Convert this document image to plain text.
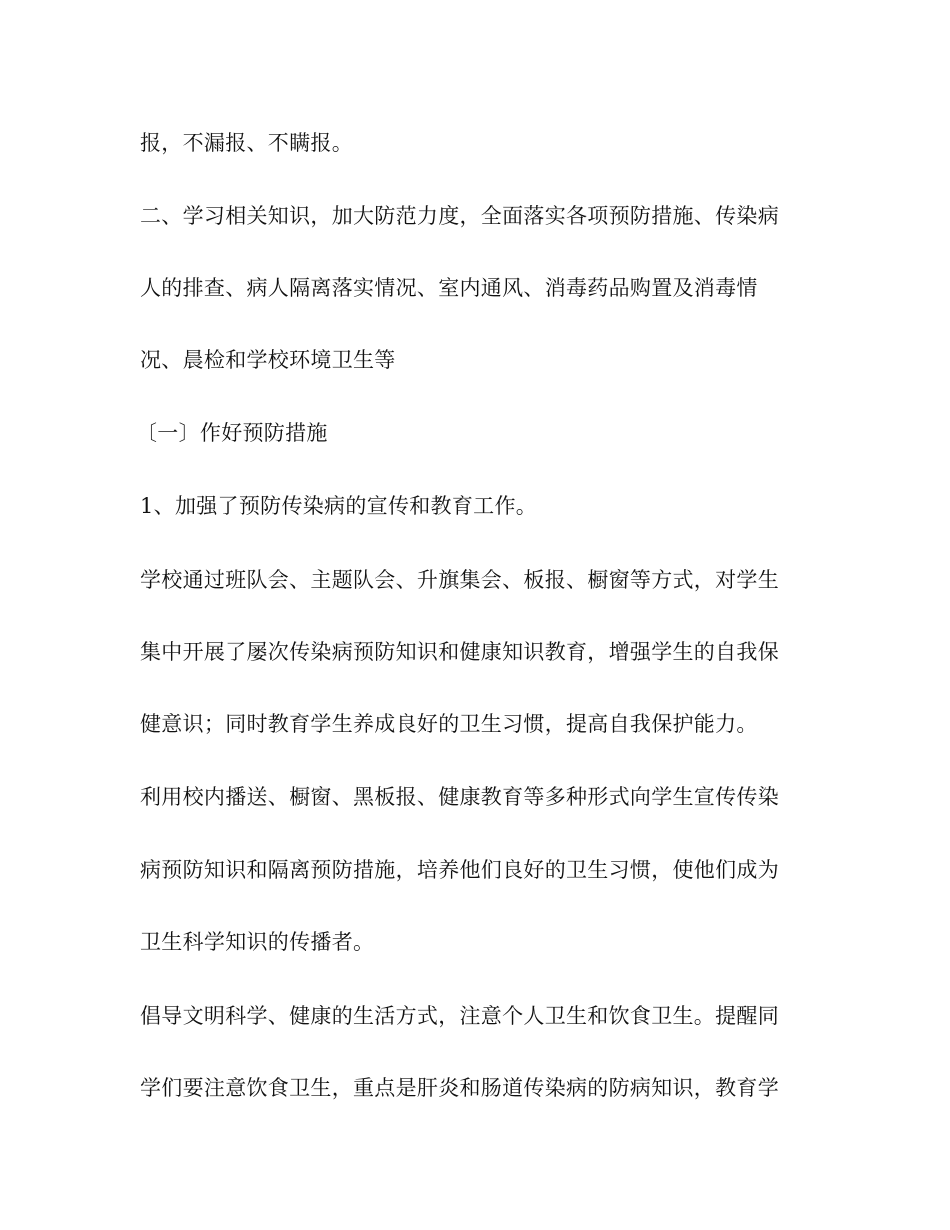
报，不漏报、不瞒报。
二、学习相关知识，加大防范力度，全面落实各项预防措施、传染病
人的排查、病人隔离落实情况、室内通风、消毒药品购置及消毒情
况、晨检和学校环境卫生等
〔一〕作好预防措施
1、加强了预防传染病的宣传和教育工作。
学校通过班队会、主题队会、升旗集会、板报、橱窗等方式，对学生
集中开展了屡次传染病预防知识和健康知识教育，增强学生的自我保
健意识；同时教育学生养成良好的卫生习惯，提高自我保护能力。
利用校内播送、橱窗、黑板报、健康教育等多种形式向学生宣传传染
病预防知识和隔离预防措施，培养他们良好的卫生习惯，使他们成为
卫生科学知识的传播者。
倡导文明科学、健康的生活方式，注意个人卫生和饮食卫生。提醒同
学们要注意饮食卫生，重点是肝炎和肠道传染病的防病知识，教育学
